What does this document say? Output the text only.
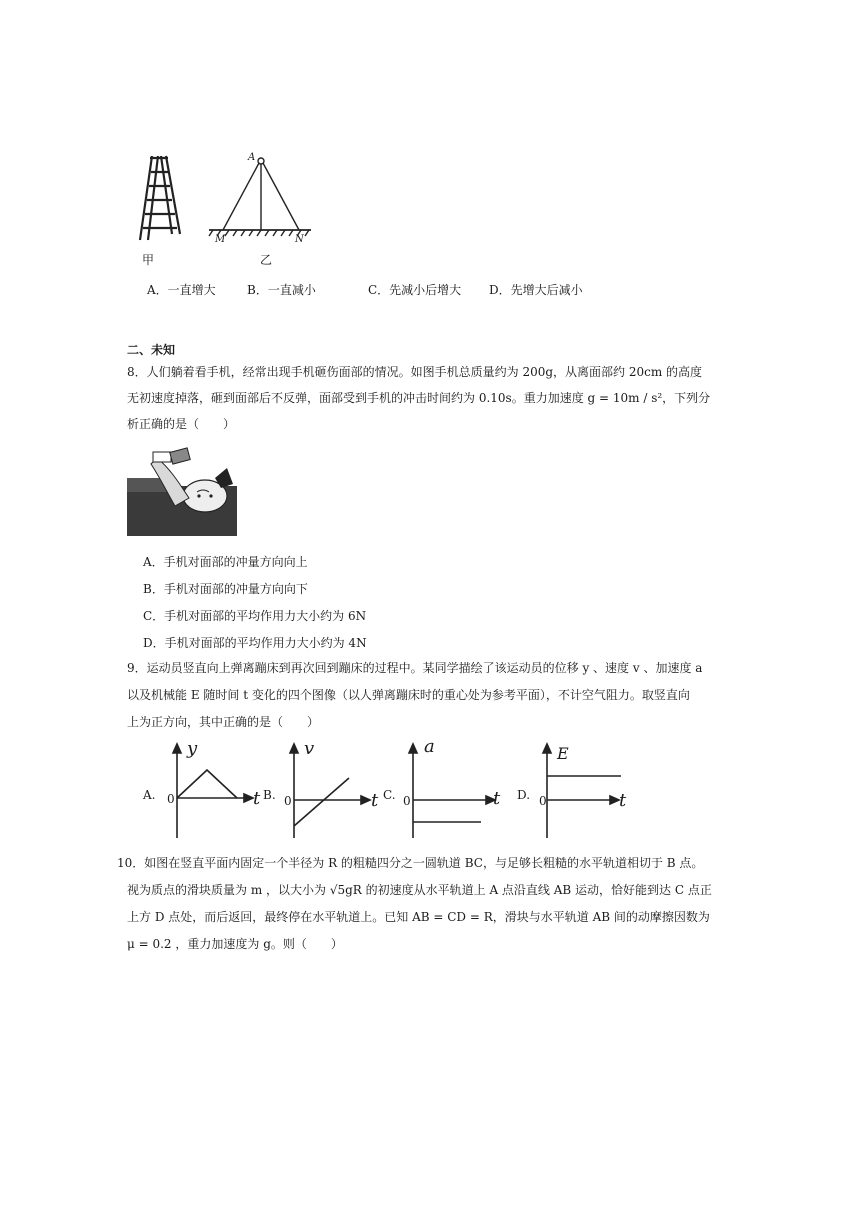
甲
A
M	N
乙
A．一直增大	B．一直减小	C．先减小后增大 D．先增大后减小
二、未知
8．人们躺着看手机，经常出现手机砸伤面部的情况。如图手机总质量约为 200g，从离面部约 20cm 的高度
无初速度掉落，砸到面部后不反弹，面部受到手机的冲击时间约为 0.10s。重力加速度 g = 10m / s²，下列分
析正确的是（　　）
A．手机对面部的冲量方向向上
B．手机对面部的冲量方向向下
C．手机对面部的平均作用力大小约为 6N
D．手机对面部的平均作用力大小约为 4N
9．运动员竖直向上弹离蹦床到再次回到蹦床的过程中。某同学描绘了该运动员的位移 y 、速度 v 、加速度 a
以及机械能 E 随时间 t 变化的四个图像（以人弹离蹦床时的重心处为参考平面），不计空气阻力。取竖直向
上为正方向，其中正确的是（　　）
A.
y
t
0	B.
v
t
0	C.
a
t
0	D.
E
t
0
10．如图在竖直平面内固定一个半径为 R 的粗糙四分之一圆轨道 BC，与足够长粗糙的水平轨道相切于 B 点。
视为质点的滑块质量为 m ，以大小为 √5gR 的初速度从水平轨道上 A 点沿直线 AB 运动，恰好能到达 C 点正
上方 D 点处，而后返回，最终停在水平轨道上。已知 AB = CD = R，滑块与水平轨道 AB 间的动摩擦因数为
μ = 0.2 ，重力加速度为 g。则（　　）
